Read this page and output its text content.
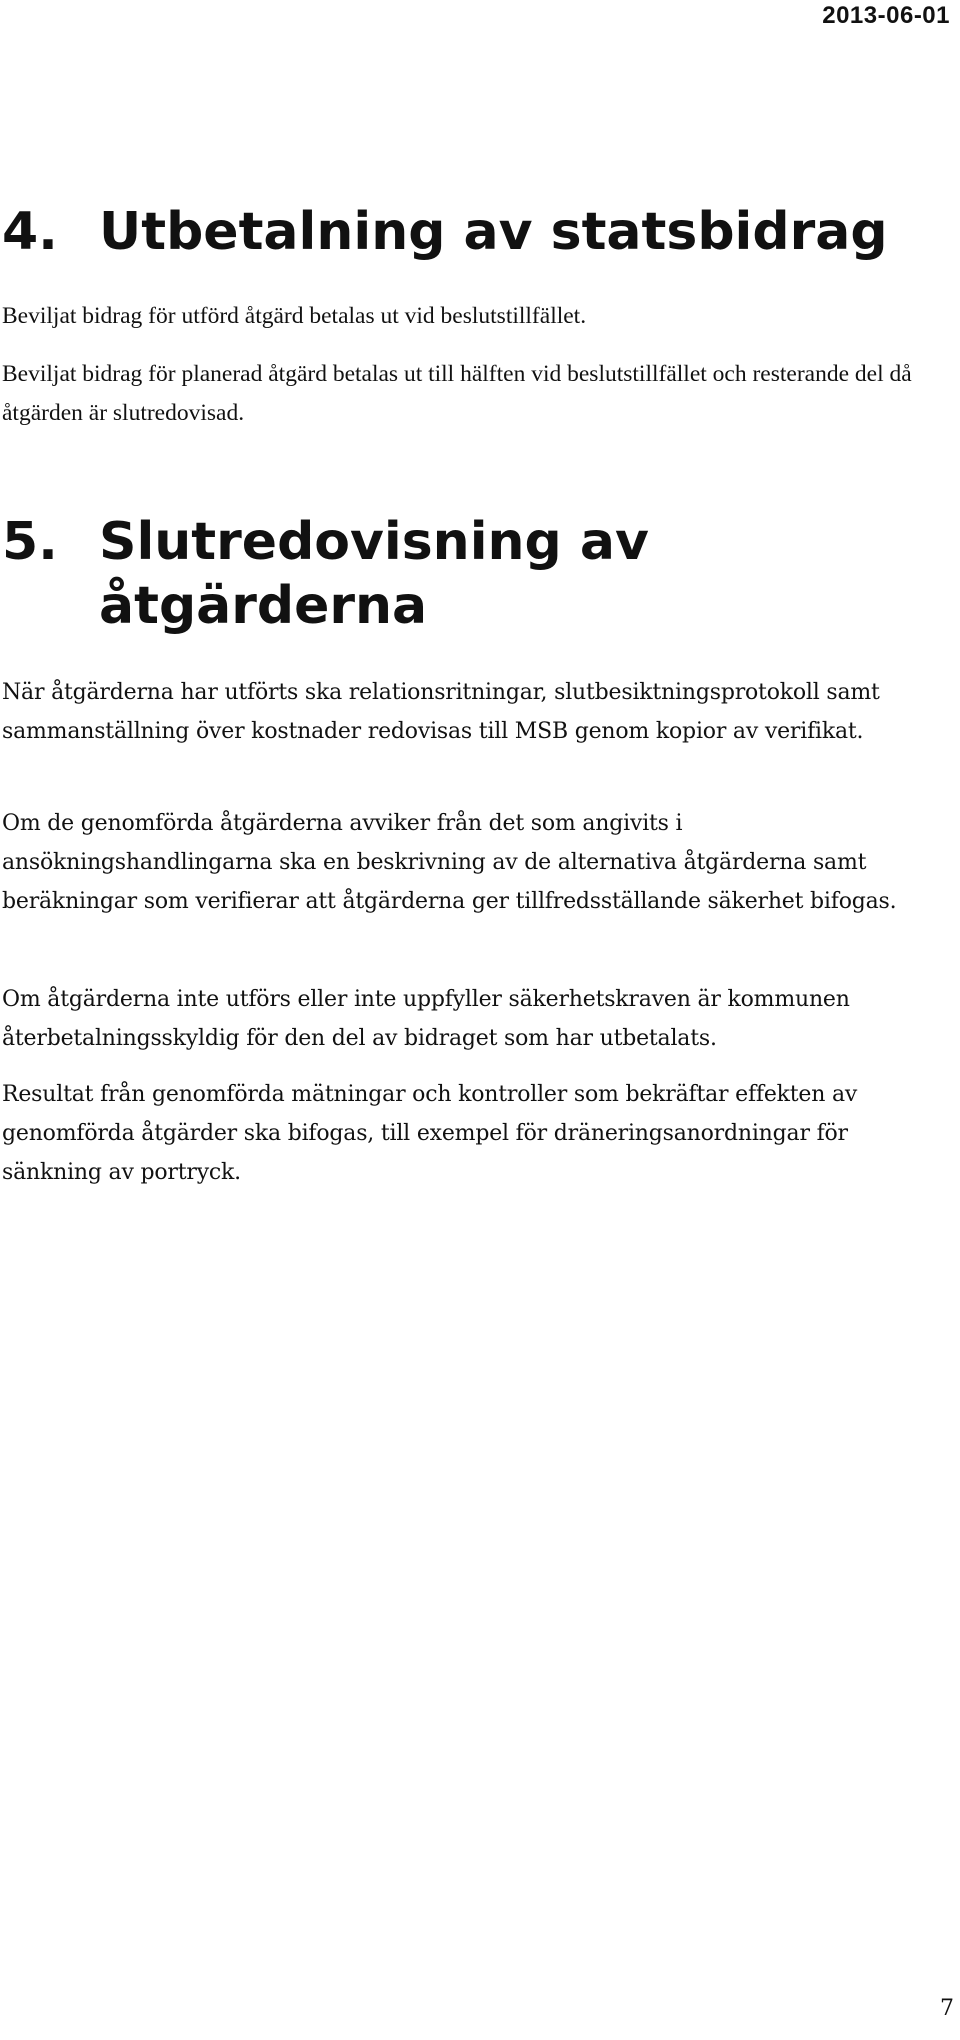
2013-06-01
4. Utbetalning av statsbidrag

Beviljat bidrag för utförd åtgärd betalas ut vid beslutstillfället.

Beviljat bidrag för planerad åtgärd betalas ut till hälften vid beslutstillfället och resterande del då åtgärden är slutredovisad.

5. Slutredovisning av åtgärderna

När åtgärderna har utförts ska relationsritningar, slutbesiktningsprotokoll samt sammanställning över kostnader redovisas till MSB genom kopior av verifikat.

Om de genomförda åtgärderna avviker från det som angivits i ansökningshandlingarna ska en beskrivning av de alternativa åtgärderna samt beräkningar som verifierar att åtgärderna ger tillfredsställande säkerhet bifogas.

Om åtgärderna inte utförs eller inte uppfyller säkerhetskraven är kommunen återbetalningsskyldig för den del av bidraget som har utbetalats.

Resultat från genomförda mätningar och kontroller som bekräftar effekten av genomförda åtgärder ska bifogas, till exempel för dräneringsanordningar för sänkning av portryck.

7
